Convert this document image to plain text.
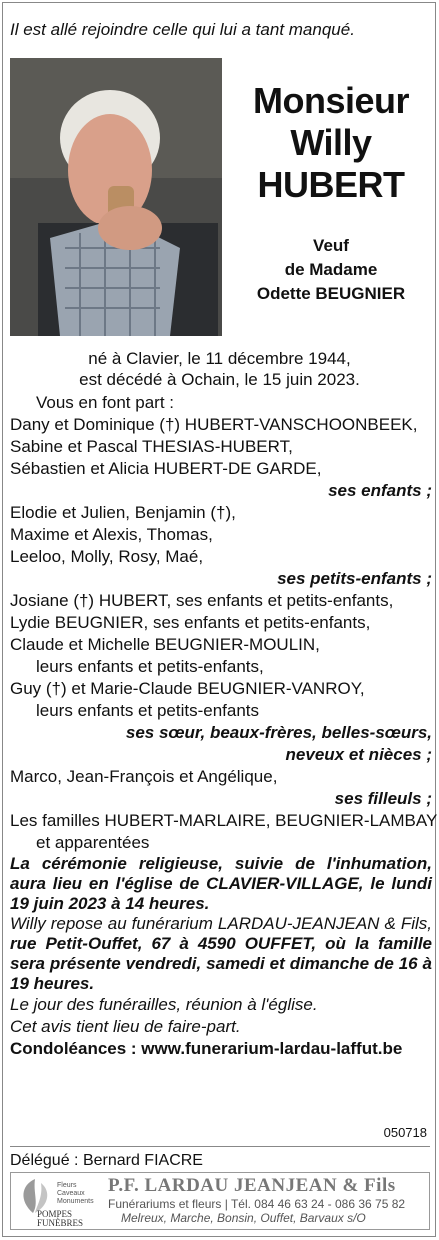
Il est allé rejoindre celle qui lui a tant manqué.
Monsieur
Willy
HUBERT
Veuf
de Madame
Odette BEUGNIER
né à Clavier, le 11 décembre 1944,
est décédé à Ochain, le 15 juin 2023.
Vous en font part :
Dany et Dominique (†) HUBERT-VANSCHOONBEEK,
Sabine et Pascal THESIAS-HUBERT,
Sébastien et Alicia HUBERT-DE GARDE,
ses enfants ;
Elodie et Julien, Benjamin (†),
Maxime et Alexis, Thomas,
Leeloo, Molly, Rosy, Maé,
ses petits-enfants ;
Josiane (†) HUBERT, ses enfants et petits-enfants,
Lydie BEUGNIER, ses enfants et petits-enfants,
Claude et Michelle BEUGNIER-MOULIN,
leurs enfants et petits-enfants,
Guy (†) et Marie-Claude BEUGNIER-VANROY,
leurs enfants et petits-enfants
ses sœur, beaux-frères, belles-sœurs,
neveux et nièces ;
Marco, Jean-François et Angélique,
ses filleuls ;
Les familles HUBERT-MARLAIRE, BEUGNIER-LAMBAY
et apparentées
La cérémonie religieuse, suivie de l'inhumation, aura lieu en l'église de CLAVIER-VILLAGE, le lundi 19 juin 2023 à 14 heures.
Willy repose au funérarium LARDAU-JEANJEAN & Fils, rue Petit-Ouffet, 67 à 4590 OUFFET, où la famille sera présente vendredi, samedi et dimanche de 16 à 19 heures.
Le jour des funérailles, réunion à l'église.
Cet avis tient lieu de faire-part.
Condoléances : www.funerarium-lardau-laffut.be
050718
Délégué : Bernard FIACRE
Fleurs
Caveaux
Monuments
POMPES
FUNÈBRES
P.F. LARDAU JEANJEAN & Fils
Funérariums et fleurs | Tél. 084 46 63 24 - 086 36 75 82
Melreux, Marche, Bonsin, Ouffet, Barvaux s/O
